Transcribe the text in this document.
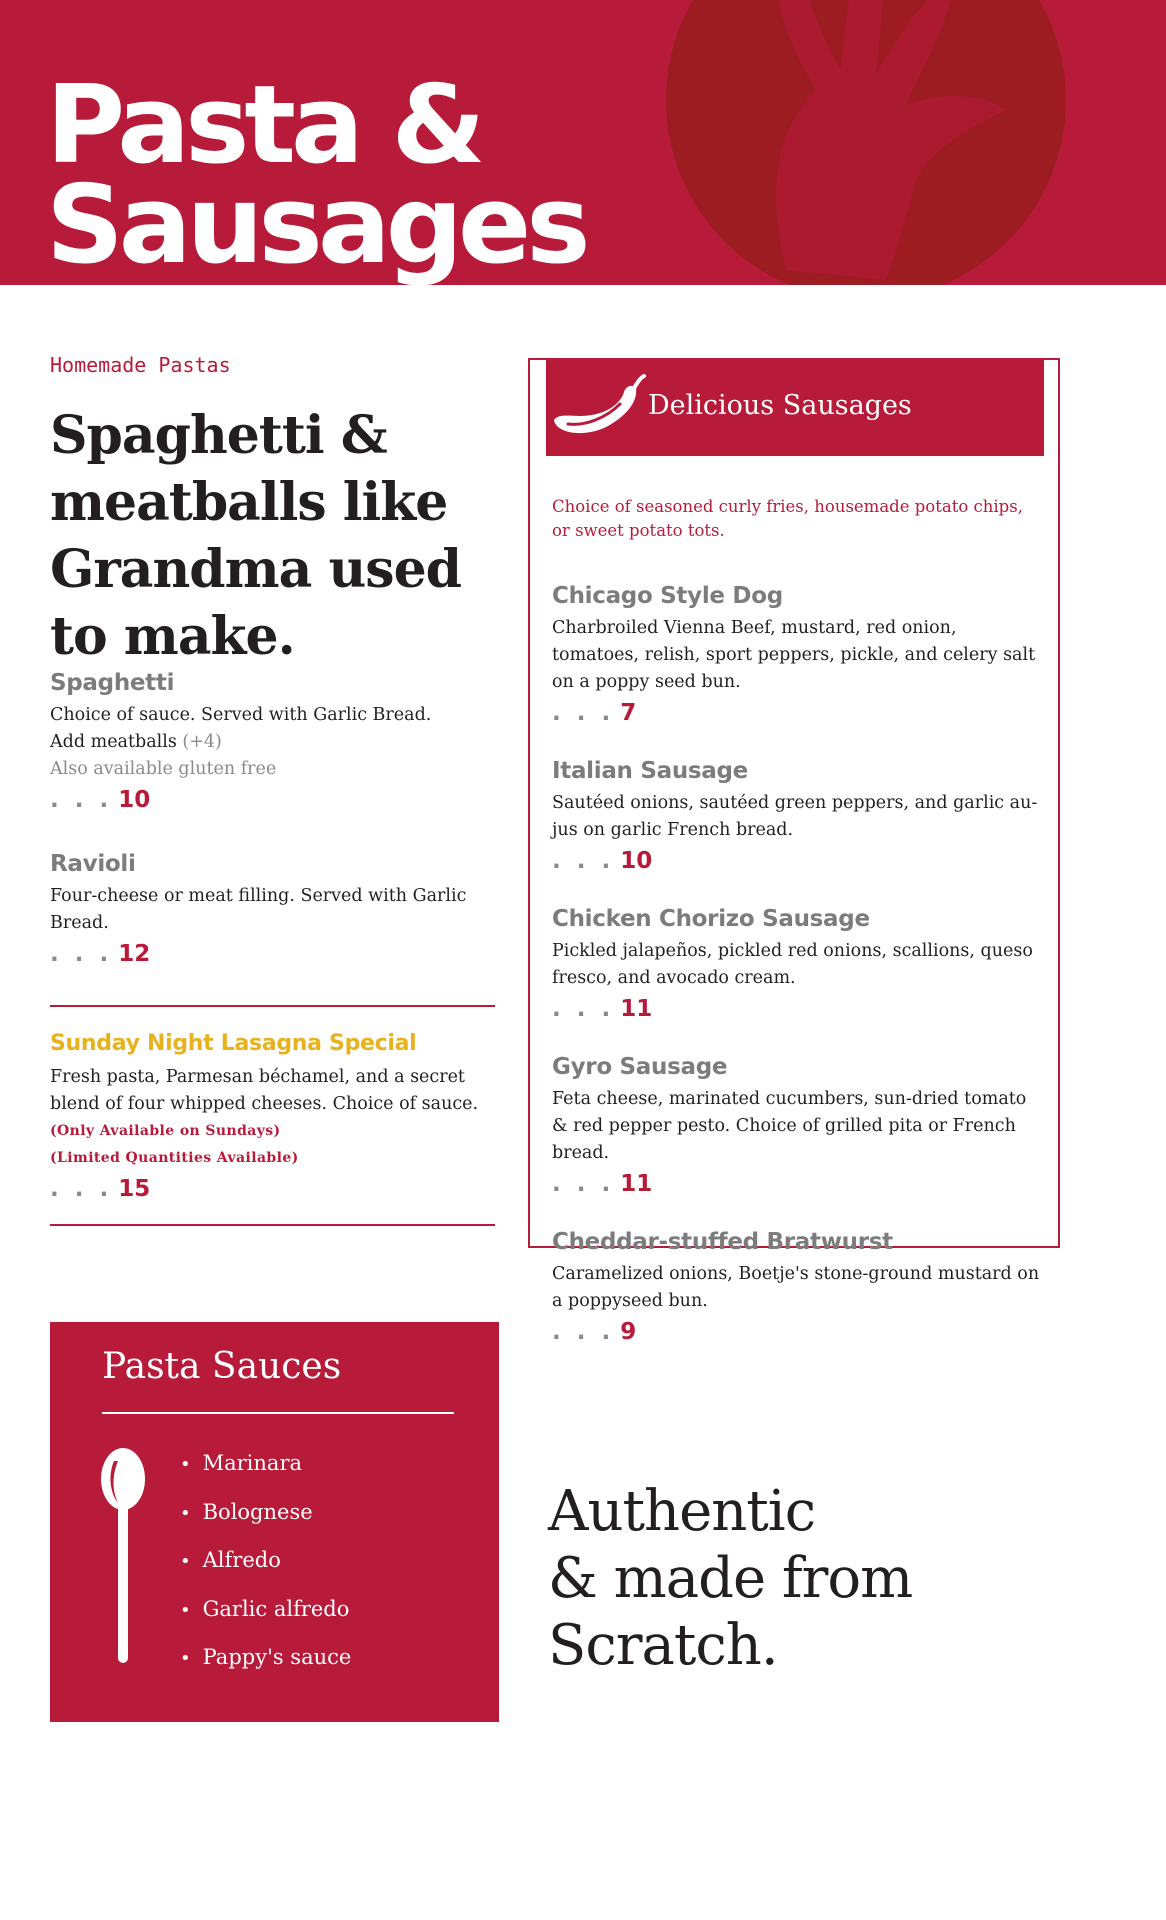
Pasta &
Sausages
Homemade Pastas
Spaghetti & meatballs like Grandma used to make.
Spaghetti

Choice of sauce. Served with Garlic Bread.
Add meatballs (+4)
Also available gluten free

. . . 10
Ravioli

Four-cheese or meat filling. Served with Garlic Bread.

. . . 12
Sunday Night Lasagna Special

Fresh pasta, Parmesan béchamel, and a secret blend of four whipped cheeses. Choice of sauce.

(Only Available on Sundays)
(Limited Quantities Available)
. . . 15
Pasta Sauces
• Marinara
• Bolognese
• Alfredo
• Garlic alfredo
• Pappy's sauce
Delicious Sausages

Choice of seasoned curly fries, housemade potato chips, or sweet potato tots.

Chicago Style Dog

Charbroiled Vienna Beef, mustard, red onion, tomatoes, relish, sport peppers, pickle, and celery salt on a poppy seed bun.

. . . 7
Italian Sausage

Sautéed onions, sautéed green peppers, and garlic au-jus on garlic French bread.

. . . 10
Chicken Chorizo Sausage

Pickled jalapeños, pickled red onions, scallions, queso fresco, and avocado cream.

. . . 11
Gyro Sausage

Feta cheese, marinated cucumbers, sun-dried tomato & red pepper pesto. Choice of grilled pita or French bread.

. . . 11
Cheddar-stuffed Bratwurst

Caramelized onions, Boetje's stone-ground mustard on a poppyseed bun.

. . . 9
Authentic
& made from
Scratch.
